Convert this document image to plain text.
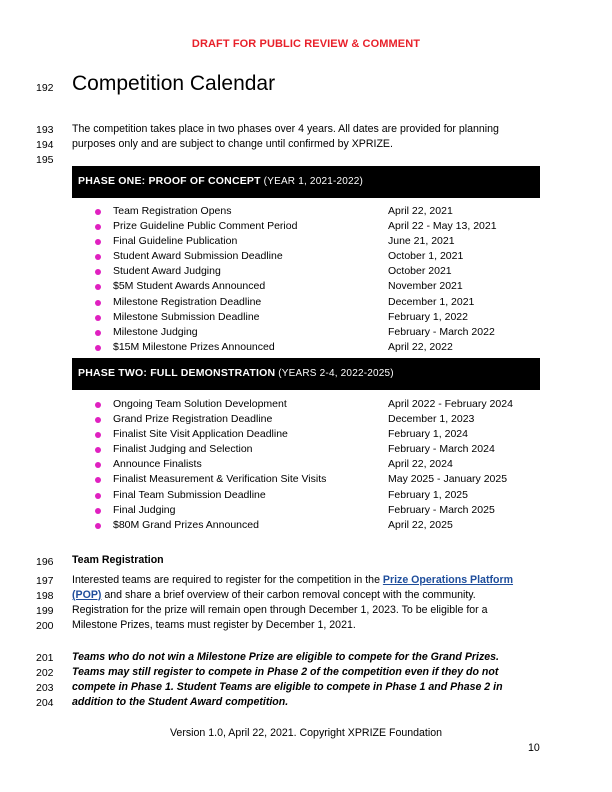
DRAFT FOR PUBLIC REVIEW & COMMENT
192 Competition Calendar
193	The competition takes place in two phases over 4 years. All dates are provided for planning
194	purposes only and are subject to change until confirmed by XPRIZE.
195
PHASE ONE: PROOF OF CONCEPT (YEAR 1, 2021-2022)
Team Registration Opens	April 22, 2021
Prize Guideline Public Comment Period	April 22 - May 13, 2021
Final Guideline Publication	June 21, 2021
Student Award Submission Deadline	October 1, 2021
Student Award Judging	October 2021
$5M Student Awards Announced	November 2021
Milestone Registration Deadline	December 1, 2021
Milestone Submission Deadline	February 1, 2022
Milestone Judging	February - March 2022
$15M Milestone Prizes Announced	April 22, 2022
PHASE TWO: FULL DEMONSTRATION (YEARS 2-4, 2022-2025)
Ongoing Team Solution Development	April 2022 - February 2024
Grand Prize Registration Deadline	December 1, 2023
Finalist Site Visit Application Deadline	February 1, 2024
Finalist Judging and Selection	February - March 2024
Announce Finalists	April 22, 2024
Finalist Measurement & Verification Site Visits	May 2025 - January 2025
Final Team Submission Deadline	February 1, 2025
Final Judging	February - March 2025
$80M Grand Prizes Announced	April 22, 2025
196	Team Registration
197	Interested teams are required to register for the competition in the Prize Operations Platform
198	(POP) and share a brief overview of their carbon removal concept with the community.
199	Registration for the prize will remain open through December 1, 2023. To be eligible for a
200	Milestone Prizes, teams must register by December 1, 2021.
201	Teams who do not win a Milestone Prize are eligible to compete for the Grand Prizes.
202	Teams may still register to compete in Phase 2 of the competition even if they do not
203	compete in Phase 1. Student Teams are eligible to compete in Phase 1 and Phase 2 in
204	addition to the Student Award competition.
Version 1.0, April 22, 2021. Copyright XPRIZE Foundation
10
